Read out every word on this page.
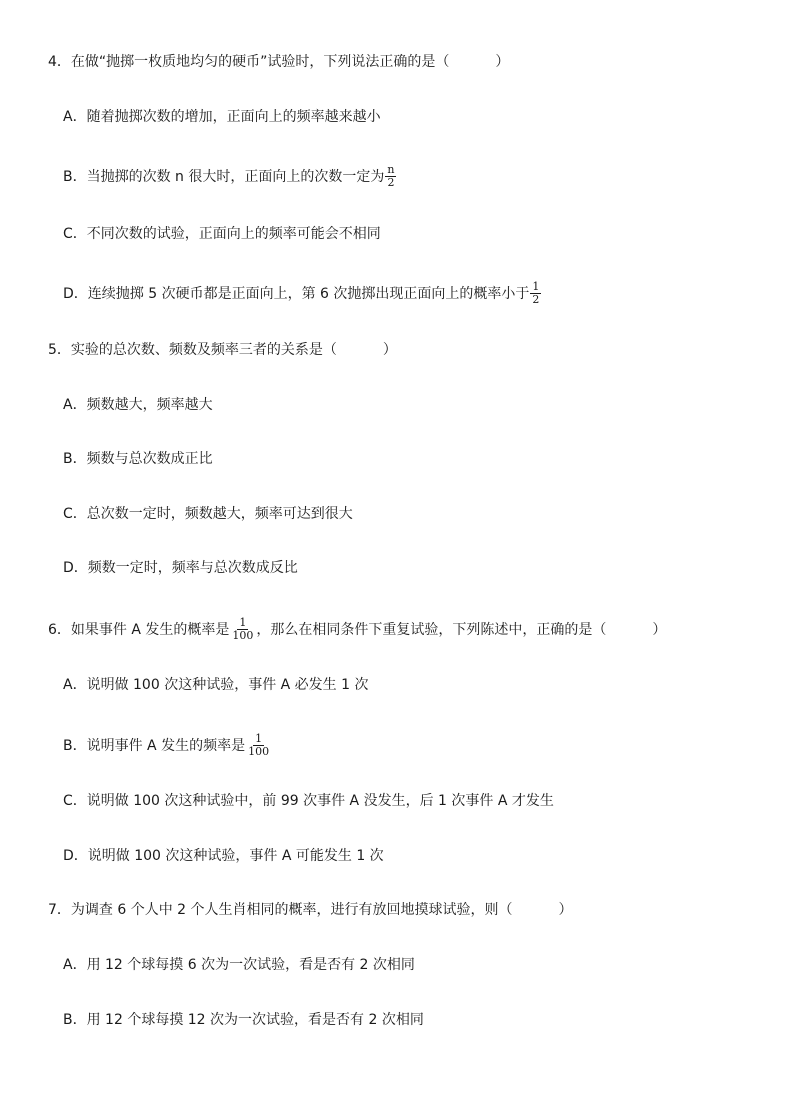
4．在做“抛掷一枚质地均匀的硬币”试验时，下列说法正确的是（	）
A．随着抛掷次数的增加，正面向上的频率越来越小
B．当抛掷的次数 n 很大时，正面向上的次数一定为 $\frac{n}{2}$
C．不同次数的试验，正面向上的频率可能会不相同
D．连续抛掷 5 次硬币都是正面向上，第 6 次抛掷出现正面向上的概率小于 $\frac{1}{2}$
5．实验的总次数、频数及频率三者的关系是（	）
A．频数越大，频率越大
B．频数与总次数成正比
C．总次数一定时，频数越大，频率可达到很大
D．频数一定时，频率与总次数成反比
6．如果事件 A 发生的概率是 $\frac{1}{100}$ ，那么在相同条件下重复试验，下列陈述中，正确的是（	）
A．说明做 100 次这种试验，事件 A 必发生 1 次
B．说明事件 A 发生的频率是 $\frac{1}{100}$
C．说明做 100 次这种试验中，前 99 次事件 A 没发生，后 1 次事件 A 才发生
D．说明做 100 次这种试验，事件 A 可能发生 1 次
7．为调查 6 个人中 2 个人生肖相同的概率，进行有放回地摸球试验，则（	）
A．用 12 个球每摸 6 次为一次试验，看是否有 2 次相同
B．用 12 个球每摸 12 次为一次试验，看是否有 2 次相同
